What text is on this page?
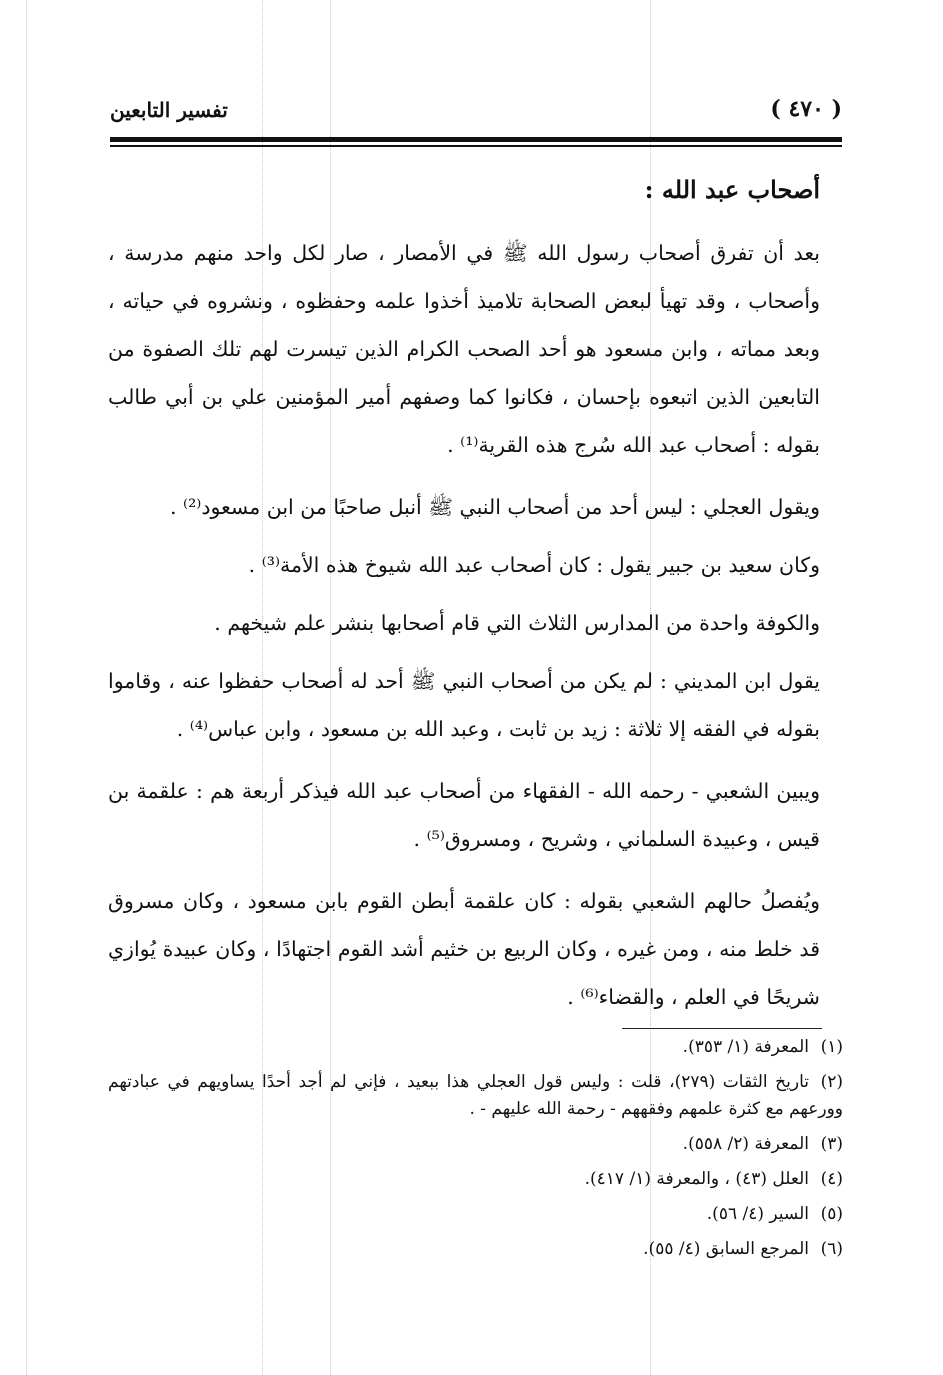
( ٤٧٠ )
تفسير التابعين
أصحاب عبد الله :

بعد أن تفرق أصحاب رسول الله ﷺ في الأمصار ، صار لكل واحد منهم مدرسة ، وأصحاب ، وقد تهيأ لبعض الصحابة تلاميذ أخذوا علمه وحفظوه ، ونشروه في حياته ، وبعد مماته ، وابن مسعود هو أحد الصحب الكرام الذين تيسرت لهم تلك الصفوة من التابعين الذين اتبعوه بإحسان ، فكانوا كما وصفهم أمير المؤمنين علي بن أبي طالب بقوله : أصحاب عبد الله سُرج هذه القرية⁽¹⁾ .

ويقول العجلي : ليس أحد من أصحاب النبي ﷺ أنبل صاحبًا من ابن مسعود⁽²⁾ .

وكان سعيد بن جبير يقول : كان أصحاب عبد الله شيوخ هذه الأمة⁽³⁾ .

والكوفة واحدة من المدارس الثلاث التي قام أصحابها بنشر علم شيخهم .

يقول ابن المديني : لم يكن من أصحاب النبي ﷺ أحد له أصحاب حفظوا عنه ، وقاموا بقوله في الفقه إلا ثلاثة : زيد بن ثابت ، وعبد الله بن مسعود ، وابن عباس⁽⁴⁾ .

ويبين الشعبي - رحمه الله - الفقهاء من أصحاب عبد الله فيذكر أربعة هم : علقمة بن قيس ، وعبيدة السلماني ، وشريح ، ومسروق⁽⁵⁾ .

ويُفصلُ حالهم الشعبي بقوله : كان علقمة أبطن القوم بابن مسعود ، وكان مسروق قد خلط منه ، ومن غيره ، وكان الربيع بن خثيم أشد القوم اجتهادًا ، وكان عبيدة يُوازي شريحًا في العلم ، والقضاء⁽⁶⁾ .

(١)المعرفة (١/ ٣٥٣).
(٢)تاريخ الثقات (٢٧٩)، قلت : وليس قول العجلي هذا ببعيد ، فإني لم أجد أحدًا يساويهم في عبادتهم وورعهم مع كثرة علمهم وفقههم - رحمة الله عليهم - .
(٣)المعرفة (٢/ ٥٥٨).
(٤)العلل (٤٣) ، والمعرفة (١/ ٤١٧).
(٥)السير (٤/ ٥٦).
(٦)المرجع السابق (٤/ ٥٥).
